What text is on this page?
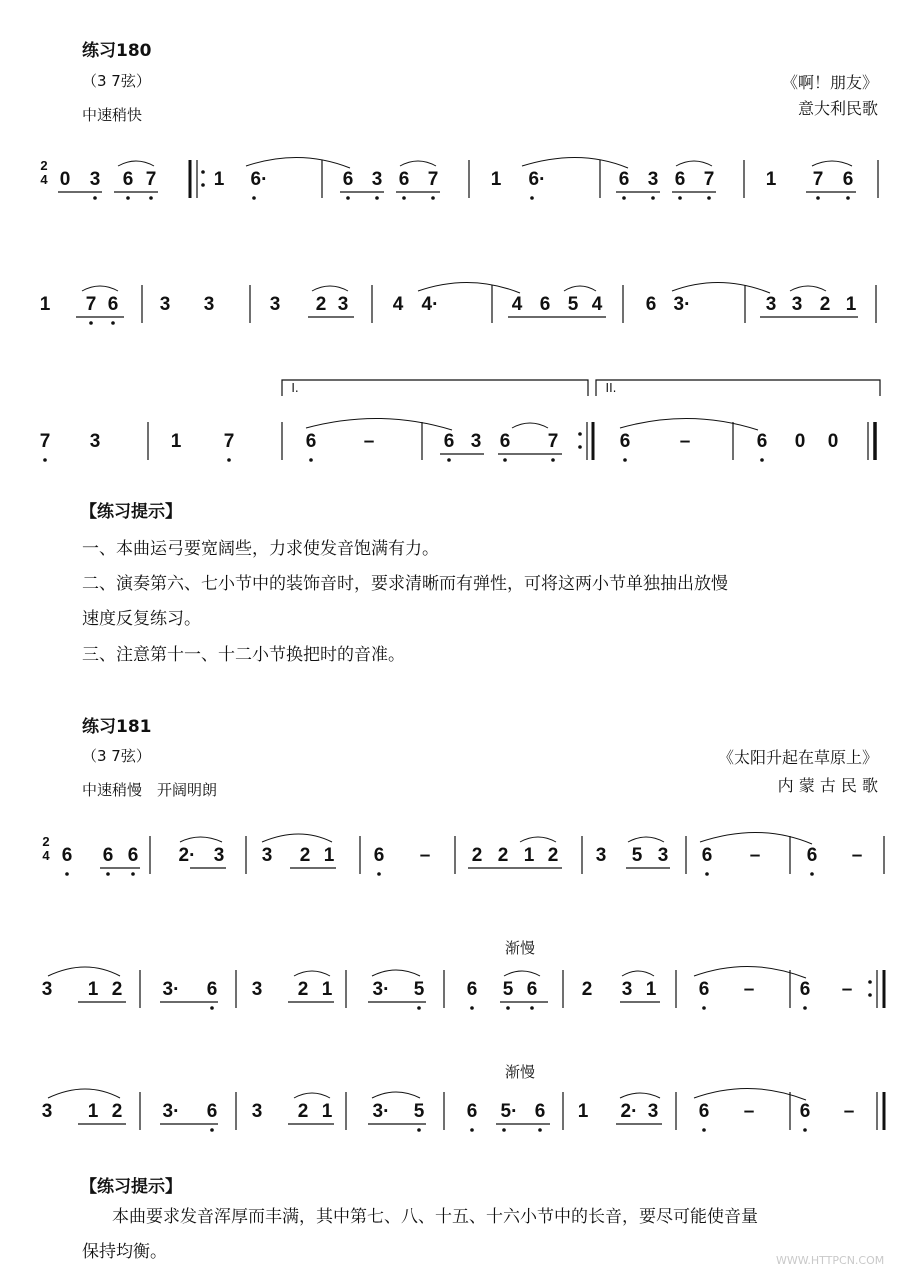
练习180
（3 7弦）
中速稍快
《啊！朋友》
意大利民歌
2
4 0 3 6 7	1 6·	6 3 6 7	1 6·	6 3 6 7	1 7 6
1 7 6 3 3	3 2 3 4 4·	4 6 5 4 6 3·	3 3 2 1
I.	II.
7 3	1 7	6 –	6 3 6 7	6	–	6 0 0
【练习提示】
一、本曲运弓要宽阔些，力求使发音饱满有力。
二、演奏第六、七小节中的装饰音时，要求清晰而有弹性，可将这两小节单独抽出放慢
速度反复练习。
三、注意第十一、十二小节换把时的音准。
练习181
（3 7弦）
中速稍慢　开阔明朗
《太阳升起在草原上》
内 蒙 古 民 歌
2
4 6 6 6 2· 3 3 2 1 6 – 2 2 1 2 3 5 3 6 – 6 –
渐慢
3 1 2 3· 6 3 2 1 3· 5 6 5 6 2 3 1 6 – 6 –
渐慢
3 1 2 3· 6 3 2 1 3· 5 6 5· 6 1 2· 3 6 – 6 –
【练习提示】
本曲要求发音浑厚而丰满，其中第七、八、十五、十六小节中的长音，要尽可能使音量
保持均衡。	WWW.HTTPCN.COM
